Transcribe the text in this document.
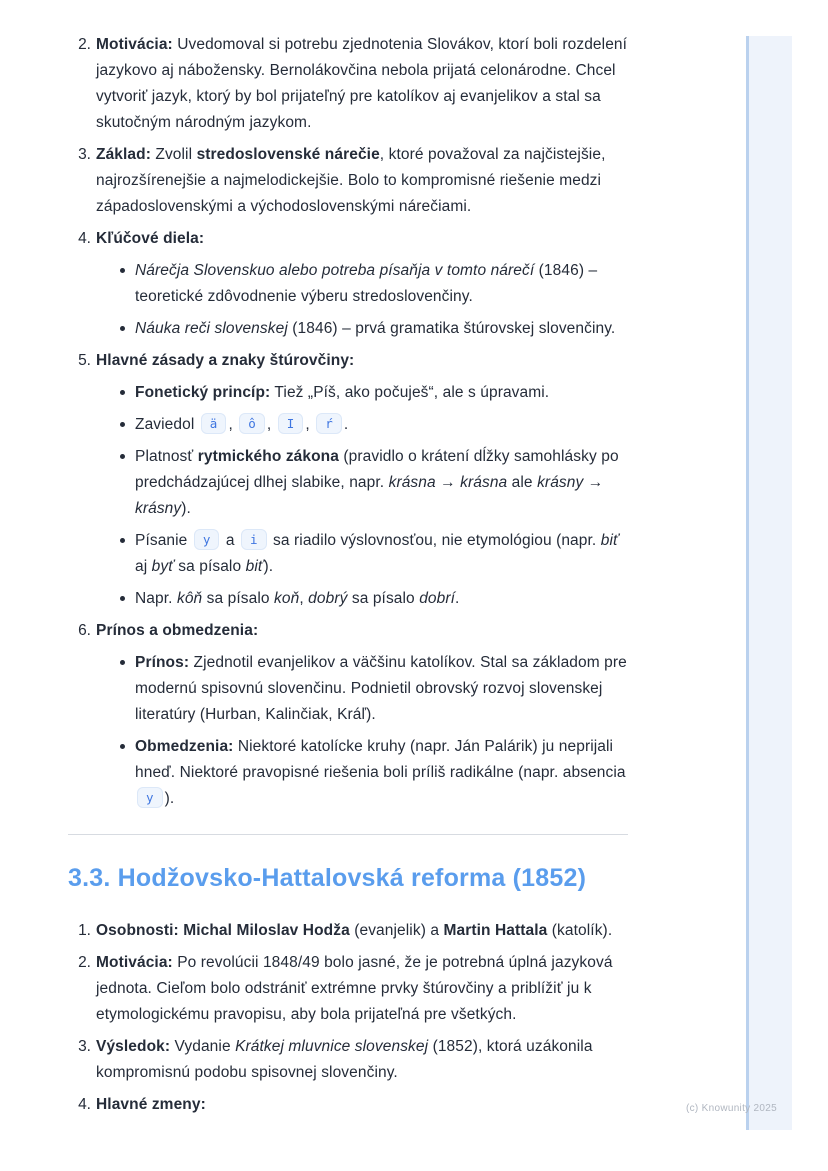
2. Motivácia: Uvedomoval si potrebu zjednotenia Slovákov, ktorí boli rozdelení jazykovo aj nábožensky. Bernolákovčina nebola prijatá celonárodne. Chcel vytvoriť jazyk, ktorý by bol prijateľný pre katolíkov aj evanjelikov a stal sa skutočným národným jazykom.

3. Základ: Zvolil stredoslovenské nárečie, ktoré považoval za najčistejšie, najrozšírenejšie a najmelodickejšie. Bolo to kompromisné riešenie medzi západoslovenskými a východoslovenskými nárečiami.

4. Kľúčové diela:

Nárečja Slovenskuo alebo potreba písaňja v tomto nárečí (1846) – teoretické zdôvodnenie výberu stredoslovenčiny.

Náuka reči slovenskej (1846) – prvá gramatika štúrovskej slovenčiny.

5. Hlavné zásady a znaky štúrovčiny:

Fonetický princíp: Tiež „Píš, ako počuješ“, ale s úpravami.

Zaviedol ä , ô , I , ŕ .

Platnosť rytmického zákona (pravidlo o krátení dĺžky samohlásky po predchádzajúcej dlhej slabike, napr. krásna → krásna ale krásny → krásny).

Písanie y a i sa riadilo výslovnosťou, nie etymológiou (napr. biť aj byť sa písalo biť).

Napr. kôň sa písalo koň, dobrý sa písalo dobrí.

6. Prínos a obmedzenia:

Prínos: Zjednotil evanjelikov a väčšinu katolíkov. Stal sa základom pre modernú spisovnú slovenčinu. Podnietil obrovský rozvoj slovenskej literatúry (Hurban, Kalinčiak, Kráľ).

Obmedzenia: Niektoré katolícke kruhy (napr. Ján Palárik) ju neprijali hneď. Niektoré pravopisné riešenia boli príliš radikálne (napr. absencia y ).

3.3. Hodžovsko-Hattalovská reforma (1852)
1. Osobnosti: Michal Miloslav Hodža (evanjelik) a Martin Hattala (katolík).

2. Motivácia: Po revolúcii 1848/49 bolo jasné, že je potrebná úplná jazyková jednota. Cieľom bolo odstrániť extrémne prvky štúrovčiny a priblížiť ju k etymologickému pravopisu, aby bola prijateľná pre všetkých.

3. Výsledok: Vydanie Krátkej mluvnice slovenskej (1852), ktorá uzákonila kompromisnú podobu spisovnej slovenčiny.

4. Hlavné zmeny:	(c) Knowunity 2025
